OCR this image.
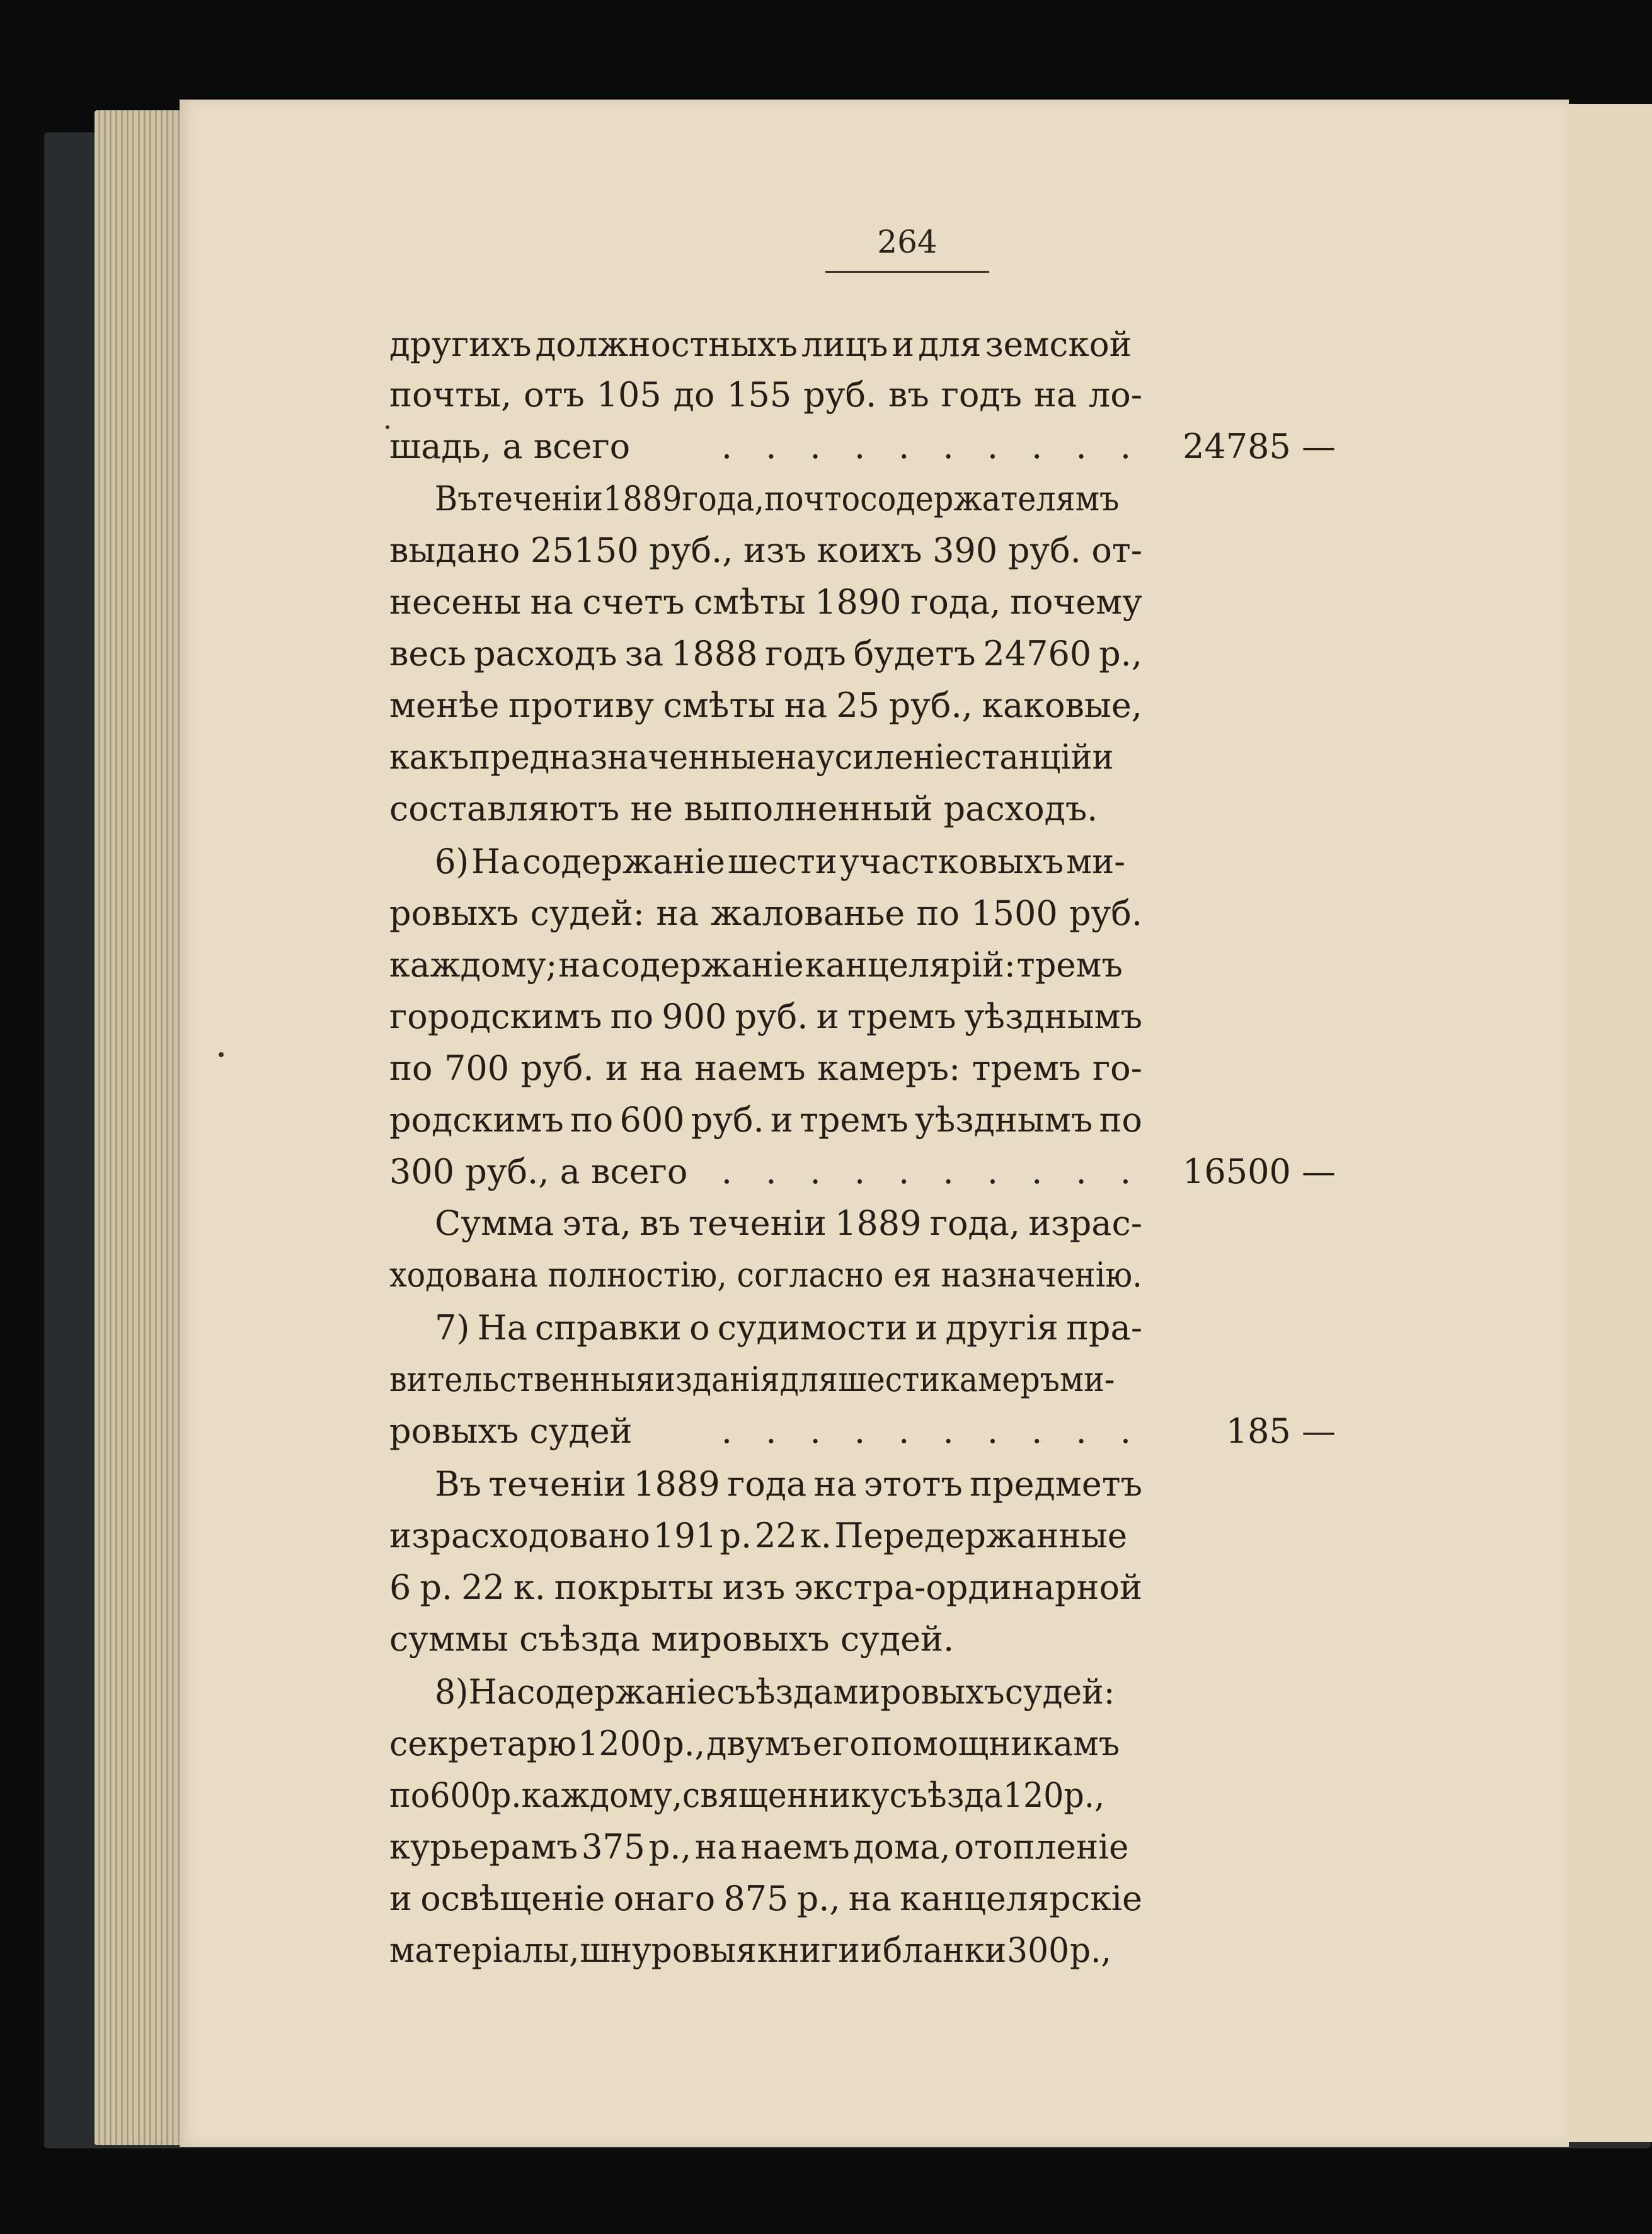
264
другихъ должностныхъ лицъ и для земской
почты, отъ 105 до 155 руб. въ годъ на ло-
шадь, а всего	. . . . . . . . . .	24785 —
Въ теченіи 1889 года, почтосодержателямъ
выдано 25150 руб., изъ коихъ 390 руб. от-
несены на счетъ смѣты 1890 года, почему
весь расходъ за 1888 годъ будетъ 24760 р.,
менѣе противу смѣты на 25 руб., каковые,
какъ предназначенные на усиленіе станцій и
составляютъ не выполненный расходъ.
6) На содержаніе шести участковыхъ ми-
ровыхъ судей: на жалованье по 1500 руб.
каждому; на содержаніе канцелярій: тремъ
городскимъ по 900 руб. и тремъ уѣзднымъ
по 700 руб. и на наемъ камеръ: тремъ го-
родскимъ по 600 руб. и тремъ уѣзднымъ по
300 руб., а всего . . . . . . . . . .	16500 —
Сумма эта, въ теченіи 1889 года, израс-
ходована полностію, согласно ея назначенію.
7) На справки о судимости и другія пра-
вительственныя изданія для шести камеръ ми-
ровыхъ судей	. . . . . . . . . .	185 —
Въ теченіи 1889 года на этотъ предметъ
израсходовано 191 р. 22 к. Передержанные
6 р. 22 к. покрыты изъ экстра-ординарной
суммы съѣзда мировыхъ судей.
8) На содержаніе съѣзда мировыхъ судей:
секретарю 1200 р., двумъ его помощникамъ
по 600 р. каждому, священнику съѣзда 120 р.,
курьерамъ 375 р., на наемъ дома, отопленіе
и освѣщеніе онаго 875 р., на канцелярскіе
матеріалы, шнуровыя книги и бланки 300 р.,
